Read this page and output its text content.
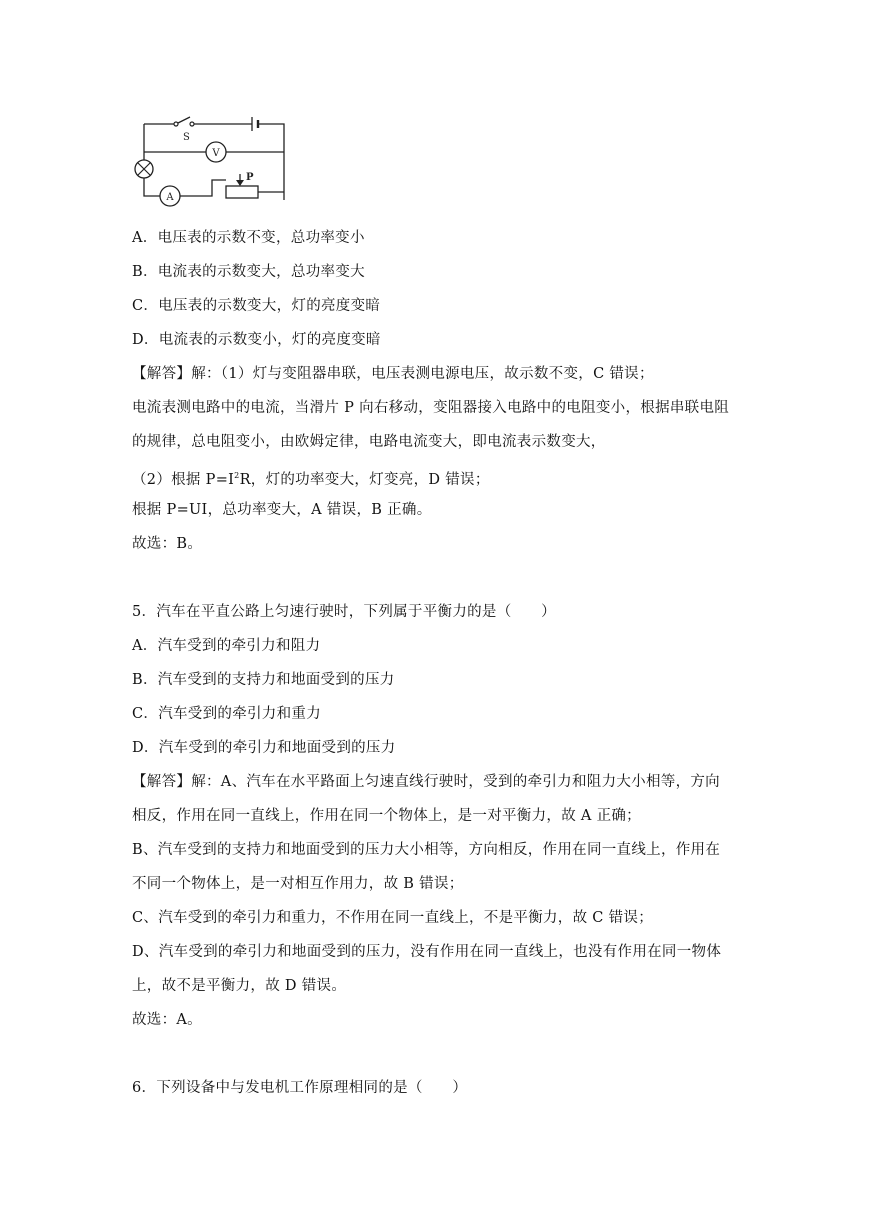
S
V
A
P
A．电压表的示数不变，总功率变小
B．电流表的示数变大，总功率变大
C．电压表的示数变大，灯的亮度变暗
D．电流表的示数变小，灯的亮度变暗
【解答】解：（1）灯与变阻器串联，电压表测电源电压，故示数不变，C 错误；
电流表测电路中的电流，当滑片 P 向右移动，变阻器接入电路中的电阻变小，根据串联电阻
的规律，总电阻变小，由欧姆定律，电路电流变大，即电流表示数变大，
（2）根据 $P=I^2R$，灯的功率变大，灯变亮，D 错误；
根据 P=UI，总功率变大，A 错误，B 正确。
故选：B。
5．汽车在平直公路上匀速行驶时，下列属于平衡力的是（　　）
A．汽车受到的牵引力和阻力
B．汽车受到的支持力和地面受到的压力
C．汽车受到的牵引力和重力
D．汽车受到的牵引力和地面受到的压力
【解答】解：A、汽车在水平路面上匀速直线行驶时，受到的牵引力和阻力大小相等，方向
相反，作用在同一直线上，作用在同一个物体上，是一对平衡力，故 A 正确；
B、汽车受到的支持力和地面受到的压力大小相等，方向相反，作用在同一直线上，作用在
不同一个物体上，是一对相互作用力，故 B 错误；
C、汽车受到的牵引力和重力，不作用在同一直线上，不是平衡力，故 C 错误；
D、汽车受到的牵引力和地面受到的压力，没有作用在同一直线上，也没有作用在同一物体
上，故不是平衡力，故 D 错误。
故选：A。
6．下列设备中与发电机工作原理相同的是（　　）
